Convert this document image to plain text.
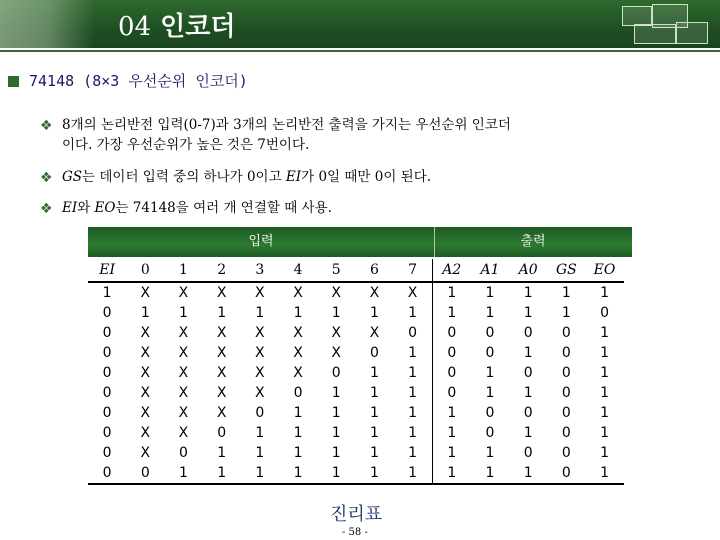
04 인코더
74148 (8×3 우선순위 인코더)
❖ 8개의 논리반전 입력(0-7)과 3개의 논리반전 출력을 가지는 우선순위 인코더
이다. 가장 우선순위가 높은 것은 7번이다.
❖ GS는 데이터 입력 중의 하나가 0이고 EI가 0일 때만 0이 된다.
❖ EI와 EO는 74148을 여러 개 연결할 때 사용.
입력	출력
EI	0	1	2	3	4	5	6	7	A2	A1	A0	GS	EO
1	X	X	X	X	X	X	X	X	1	1	1	1	1
0	1	1	1	1	1	1	1	1	1	1	1	1	0
0	X	X	X	X	X	X	X	0	0	0	0	0	1
0	X	X	X	X	X	X	0	1	0	0	1	0	1
0	X	X	X	X	X	0	1	1	0	1	0	0	1
0	X	X	X	X	0	1	1	1	0	1	1	0	1
0	X	X	X	0	1	1	1	1	1	0	0	0	1
0	X	X	0	1	1	1	1	1	1	0	1	0	1
0	X	0	1	1	1	1	1	1	1	1	0	0	1
0	0	1	1	1	1	1	1	1	1	1	1	0	1
진리표
- 58 -
